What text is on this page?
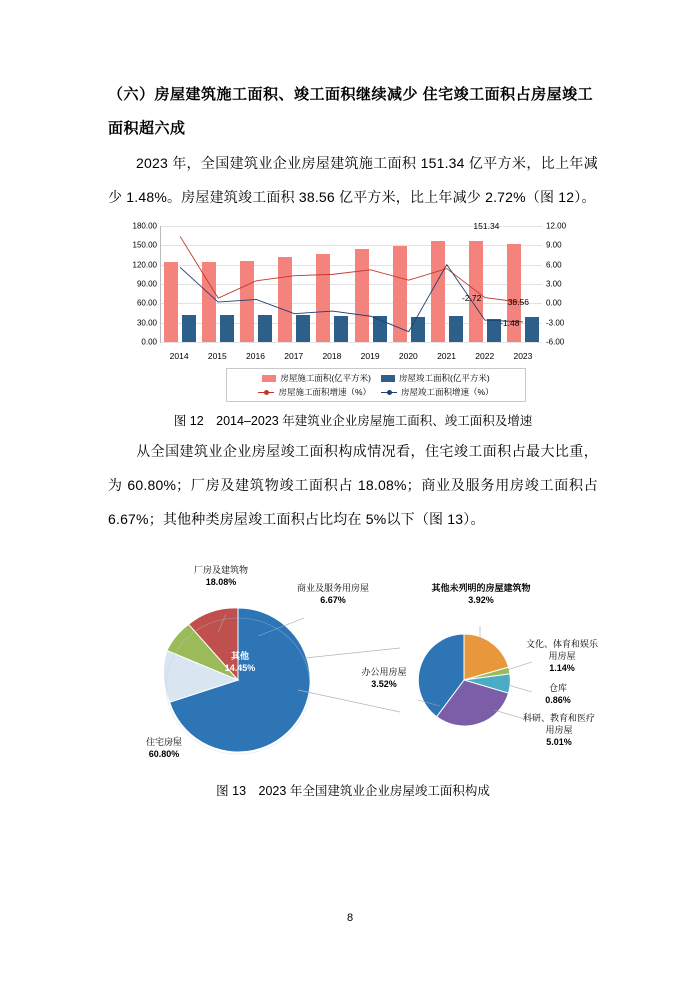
（六）房屋建筑施工面积、竣工面积继续减少 住宅竣工面积占房屋竣工面积超六成

2023 年，全国建筑业企业房屋建筑施工面积 151.34 亿平方米，比上年减少 1.48%。房屋建筑竣工面积 38.56 亿平方米，比上年减少 2.72%（图 12）。

180.00	12.00
150.00	9.00
120.00	6.00
90.00	3.00
60.00	0.00
30.00	-3.00
0.00	-6.00
151.34
38.56
-2.72
-1.48
2014	2015	2016	2017	2018	2019	2020	2021	2022	2023
房屋施工面积(亿平方米)	房屋竣工面积(亿平方米)
房屋施工面积增速（%）	房屋竣工面积增速（%）

图 12　2014–2023 年建筑业企业房屋施工面积、竣工面积及增速

从全国建筑业企业房屋竣工面积构成情况看，住宅竣工面积占最大比重，为 60.80%；厂房及建筑物竣工面积占 18.08%；商业及服务用房竣工面积占 6.67%；其他种类房屋竣工面积占比均在 5%以下（图 13）。

厂房及建筑物
18.08%
商业及服务用房屋
6.67%
其他
14.45%
住宅房屋
60.80%
其他未列明的房屋建筑物
3.92%
文化、体育和娱乐用房屋
1.14%
仓库
0.86%
科研、教育和医疗用房屋
5.01%
办公用房屋
3.52%

图 13　2023 年全国建筑业企业房屋竣工面积构成

8
